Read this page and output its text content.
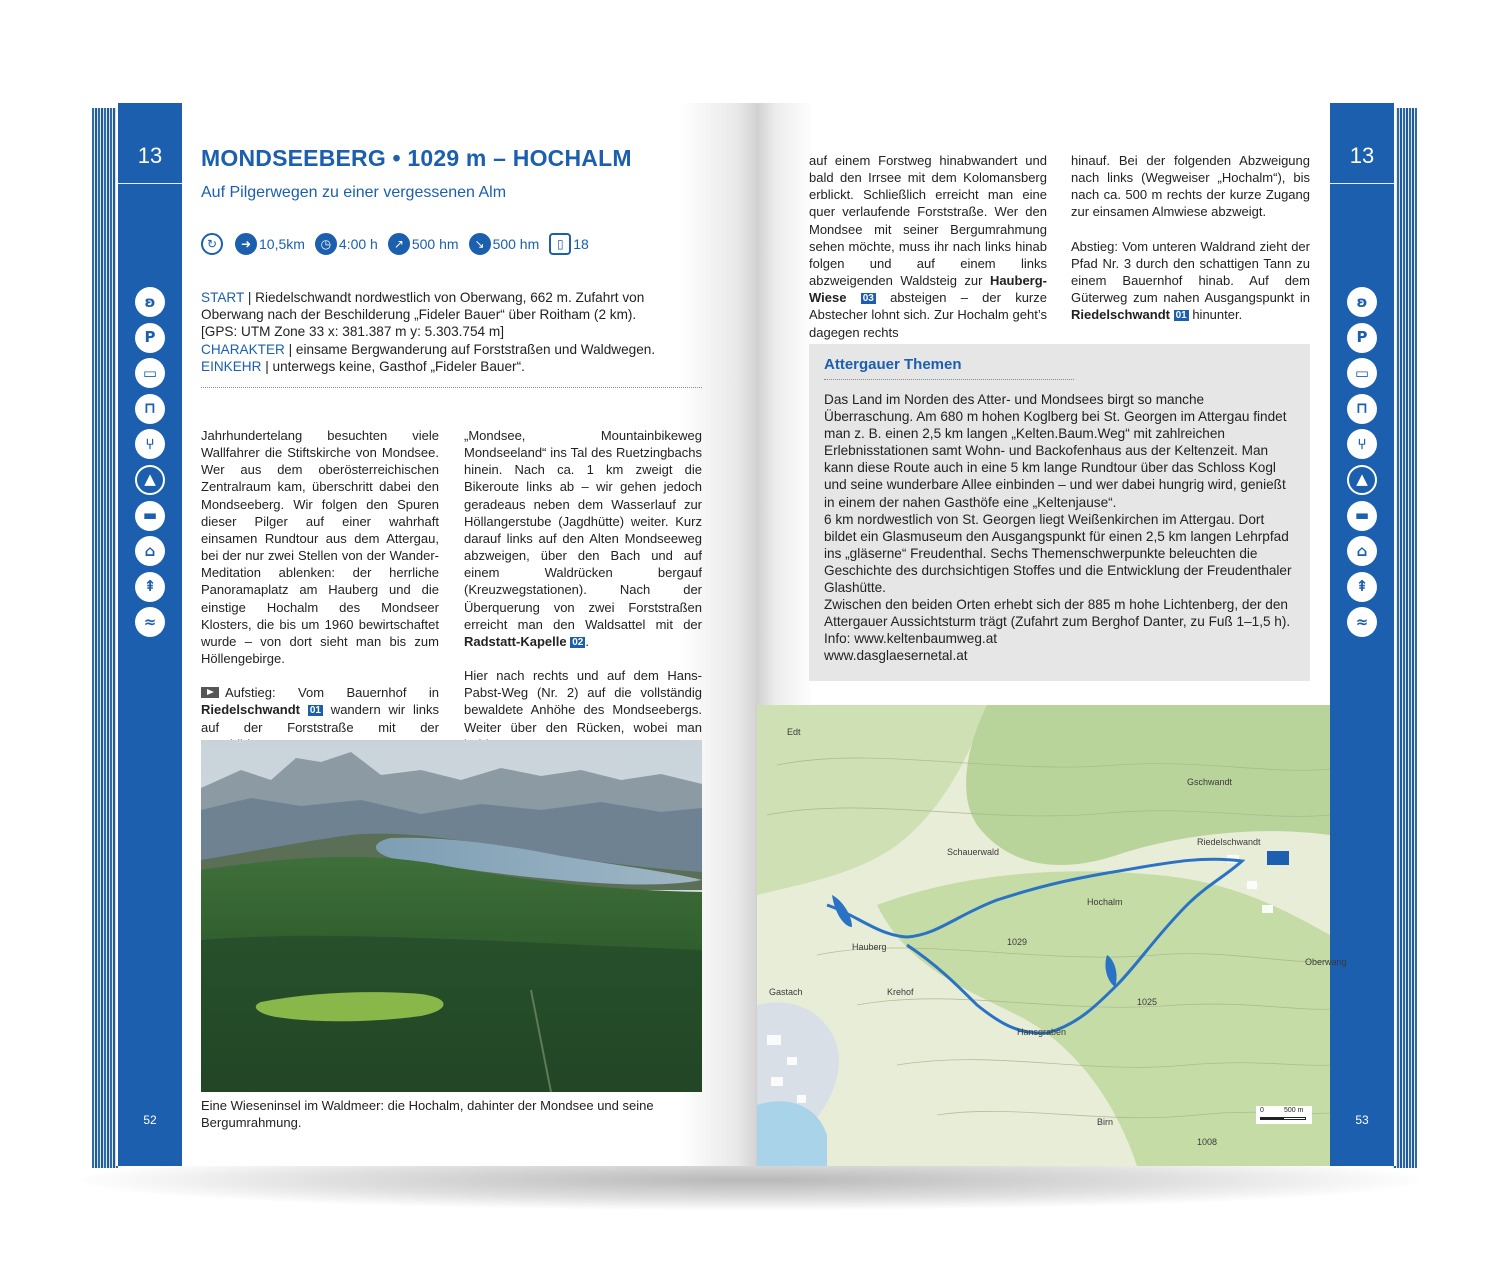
13
ʚ
P
▭
⊓
⑂
▲
▬
⌂
⇞
≈
52
13
ʚ
P
▭
⊓
⑂
▲
▬
⌂
⇞
≈
53
MONDSEEBERG • 1029 m – HOCHALM
Auf Pilgerwegen zu einer vergessenen Alm
↻	➜ 10,5km	◷ 4:00 h	↗ 500 hm	↘ 500 hm	▯ 18
START | Riedelschwandt nordwestlich von Oberwang, 662 m. Zufahrt von Oberwang nach der Beschilderung „Fideler Bauer“ über Roitham (2 km).
[GPS: UTM Zone 33 x: 381.387 m y: 5.303.754 m]
CHARAKTER | einsame Bergwanderung auf Forststraßen und Waldwegen.
EINKEHR | unterwegs keine, Gasthof „Fideler Bauer“.

Jahrhundertelang besuchten viele Wallfahrer die Stiftskirche von Mondsee. Wer aus dem oberösterreichischen Zentralraum kam, überschritt dabei den Mondseeberg. Wir folgen den Spuren dieser Pilger auf einer wahrhaft einsamen Rundtour aus dem Attergau, bei der nur zwei Stellen von der Wander-Meditation ablenken: der herrliche Panoramaplatz am Hauberg und die einstige Hochalm des Mondseer Klosters, die bis um 1960 bewirtschaftet wurde – von dort sieht man bis zum Höllengebirge.

Aufstieg: Vom Bauernhof in Riedelschwandt 01 wandern wir links auf der Forststraße mit der

„Mondsee, Mountainbikeweg Mondseeland“ ins Tal des Ruetzingbachs hinein. Nach ca. 1 km zweigt die Bikeroute links ab – wir gehen jedoch geradeaus neben dem Wasserlauf zur Höllangerstube (Jagdhütte) weiter. Kurz darauf links auf den Alten Mondseeweg abzweigen, über den Bach und auf einem Waldrücken bergauf (Kreuzwegstationen). Nach der Überquerung von zwei Forststraßen erreicht man den Waldsattel mit der Radstatt-Kapelle 02 .

Hier nach rechts und auf dem Hans-Pabst-Weg (Nr. 2) auf die vollständig bewaldete Anhöhe des Mondseebergs. Weiter über den Rücken, wobei man

Eine Wieseninsel im Waldmeer: die Hochalm, dahinter der Mondsee und seine Bergumrahmung.

auf einem Forstweg hinabwandert und bald den Irrsee mit dem Kolomansberg erblickt. Schließlich erreicht man eine quer verlaufende Forststraße. Wer den Mondsee mit seiner Bergumrahmung sehen möchte, muss ihr nach links hinab folgen und auf einem links abzweigenden Waldsteig zur Hauberg-Wiese 03 absteigen – der kurze Abstecher lohnt sich. Zur Hochalm geht’s dagegen rechts

hinauf. Bei der folgenden Abzweigung nach links (Wegweiser „Hochalm“), bis nach ca. 500 m rechts der kurze Zugang zur einsamen Almwiese abzweigt.

Abstieg: Vom unteren Waldrand zieht der Pfad Nr. 3 durch den schattigen Tann zu einem Bauernhof hinab. Auf dem Güterweg zum nahen Ausgangspunkt in Riedelschwandt 01 hinunter.

Attergauer Themen
Das Land im Norden des Atter- und Mondsees birgt so manche Überraschung. Am 680 m hohen Koglberg bei St. Georgen im Attergau findet man z. B. einen 2,5 km langen „Kelten.Baum.Weg“ mit zahlreichen Erlebnisstationen samt Wohn- und Backofenhaus aus der Keltenzeit. Man kann diese Route auch in eine 5 km lange Rundtour über das Schloss Kogl und seine wunderbare Allee einbinden – und wer dabei hungrig wird, genießt in einem der nahen Gasthöfe eine „Keltenjause“.
6 km nordwestlich von St. Georgen liegt Weißenkirchen im Attergau. Dort bildet ein Glasmuseum den Ausgangspunkt für einen 2,5 km langen Lehrpfad ins „gläserne“ Freudenthal. Sechs Themenschwerpunkte beleuchten die Geschichte des durchsichtigen Stoffes und die Entwicklung der Freudenthaler Glashütte.
Zwischen den beiden Orten erhebt sich der 885 m hohe Lichtenberg, der den Attergauer Aussichtsturm trägt (Zufahrt zum Berghof Danter, zu Fuß 1–1,5 h).
Info: www.keltenbaumweg.at
www.dasglaesernetal.at
Schauerwald
Riedelschwandt
Hochalm
Hauberg
Oberwang
Gastach	Krehof
1029
1025
1008
Gschwandt
Hansgraben
Edt
Birn
0	500 m
